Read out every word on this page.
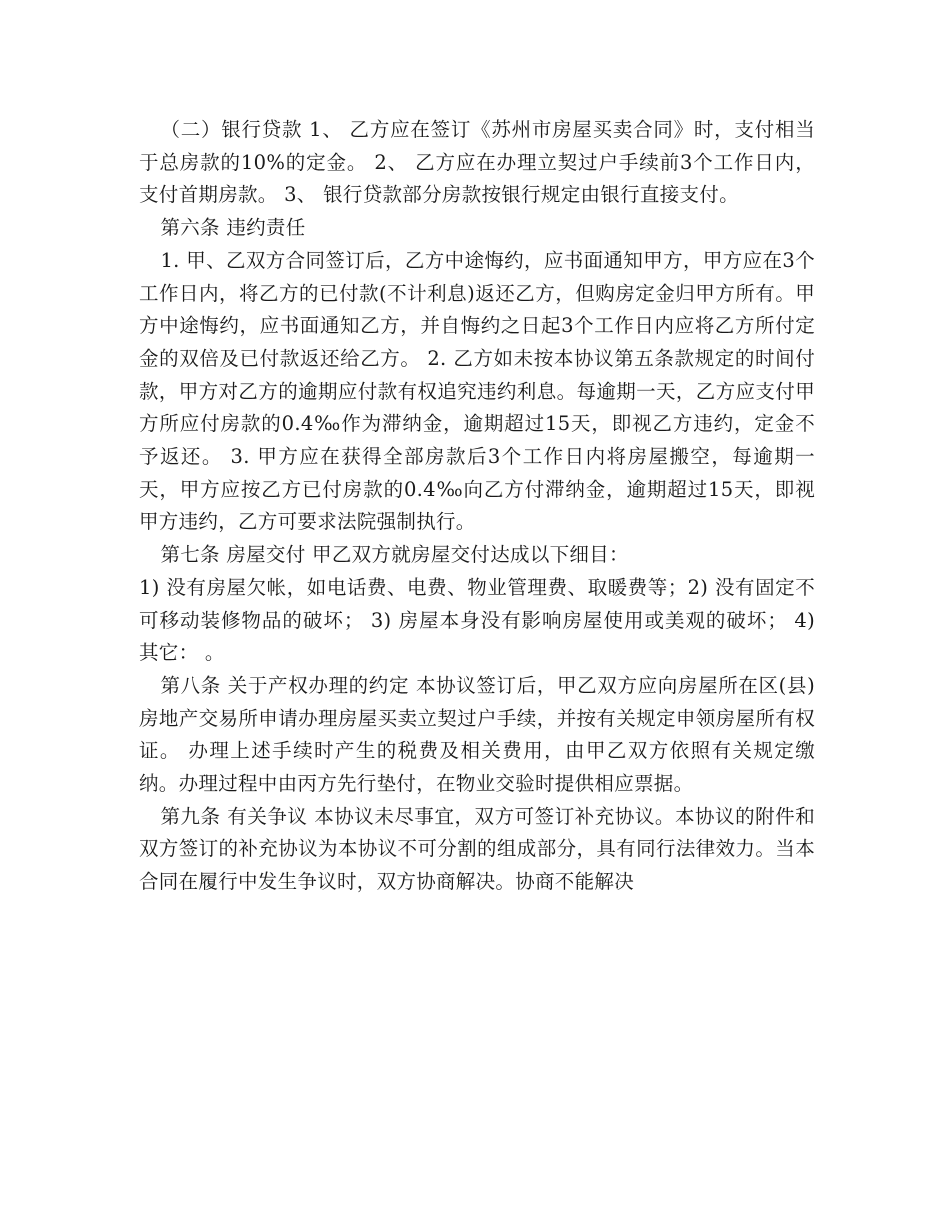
（二）银行贷款 1、 乙方应在签订《苏州市房屋买卖合同》时，支付相当于总房款的10%的定金。 2、 乙方应在办理立契过户手续前3个工作日内，支付首期房款。 3、 银行贷款部分房款按银行规定由银行直接支付。

第六条 违约责任

1. 甲、乙双方合同签订后，乙方中途悔约，应书面通知甲方，甲方应在3个工作日内，将乙方的已付款(不计利息)返还乙方，但购房定金归甲方所有。甲方中途悔约，应书面通知乙方，并自悔约之日起3个工作日内应将乙方所付定金的双倍及已付款返还给乙方。 2. 乙方如未按本协议第五条款规定的时间付款，甲方对乙方的逾期应付款有权追究违约利息。每逾期一天，乙方应支付甲方所应付房款的0.4‰作为滞纳金，逾期超过15天，即视乙方违约，定金不予返还。 3. 甲方应在获得全部房款后3个工作日内将房屋搬空，每逾期一天，甲方应按乙方已付房款的0.4‰向乙方付滞纳金，逾期超过15天，即视甲方违约，乙方可要求法院强制执行。

第七条 房屋交付 甲乙双方就房屋交付达成以下细目：

1) 没有房屋欠帐，如电话费、电费、物业管理费、取暖费等；2) 没有固定不可移动装修物品的破坏； 3) 房屋本身没有影响房屋使用或美观的破坏； 4) 其它： 。

第八条 关于产权办理的约定 本协议签订后，甲乙双方应向房屋所在区(县)房地产交易所申请办理房屋买卖立契过户手续，并按有关规定申领房屋所有权证。 办理上述手续时产生的税费及相关费用，由甲乙双方依照有关规定缴纳。办理过程中由丙方先行垫付，在物业交验时提供相应票据。

第九条 有关争议 本协议未尽事宜，双方可签订补充协议。本协议的附件和双方签订的补充协议为本协议不可分割的组成部分，具有同行法律效力。当本合同在履行中发生争议时，双方协商解决。协商不能解决
